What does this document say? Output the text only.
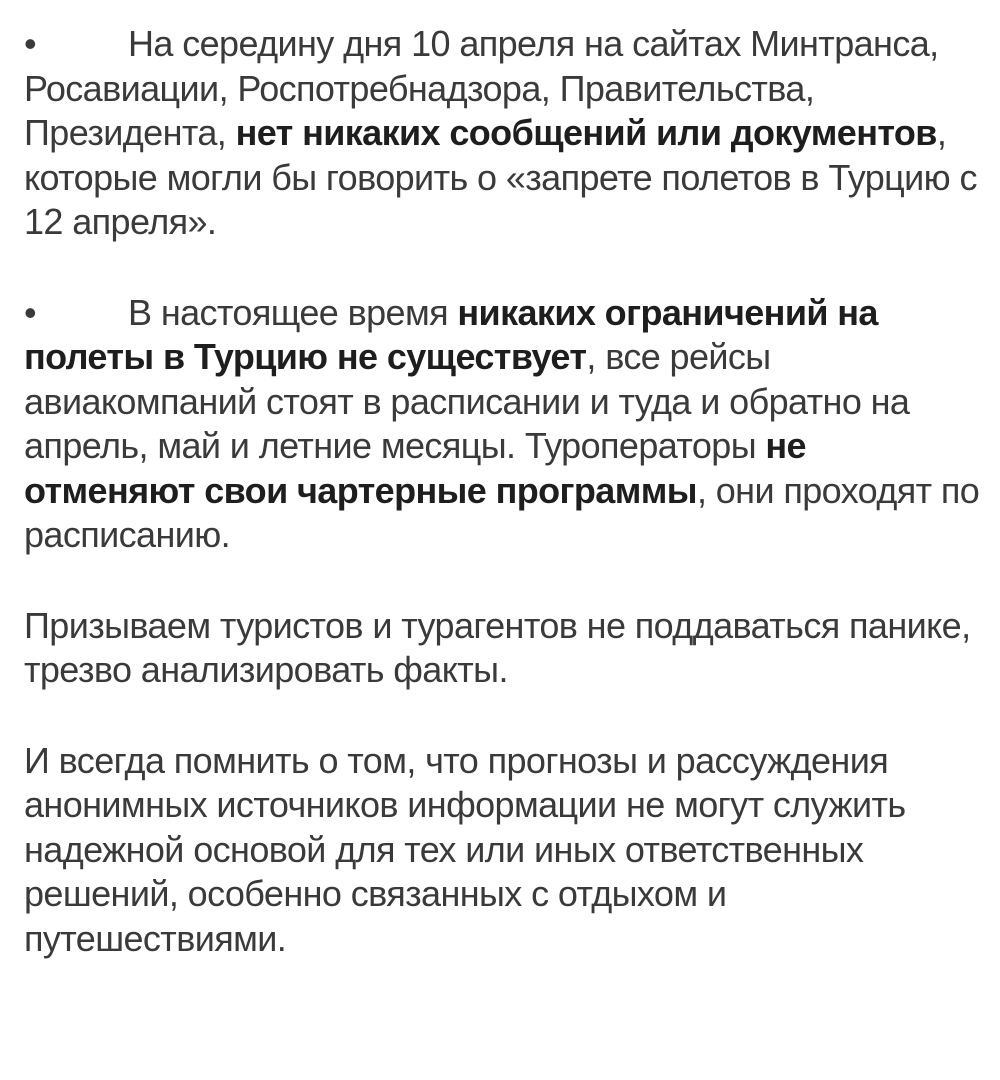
•	На середину дня 10 апреля на сайтах Минтранса, Росавиации, Роспотребнадзора, Правительства, Президента, нет никаких сообщений или документов, которые могли бы говорить о «запрете полетов в Турцию с 12 апреля».

•	В настоящее время никаких ограничений на полеты в Турцию не существует, все рейсы авиакомпаний стоят в расписании и туда и обратно на апрель, май и летние месяцы. Туроператоры не отменяют свои чартерные программы, они проходят по расписанию.

Призываем туристов и турагентов не поддаваться панике, трезво анализировать факты.

И всегда помнить о том, что прогнозы и рассуждения анонимных источников информации не могут служить надежной основой для тех или иных ответственных решений, особенно связанных с отдыхом и путешествиями.
